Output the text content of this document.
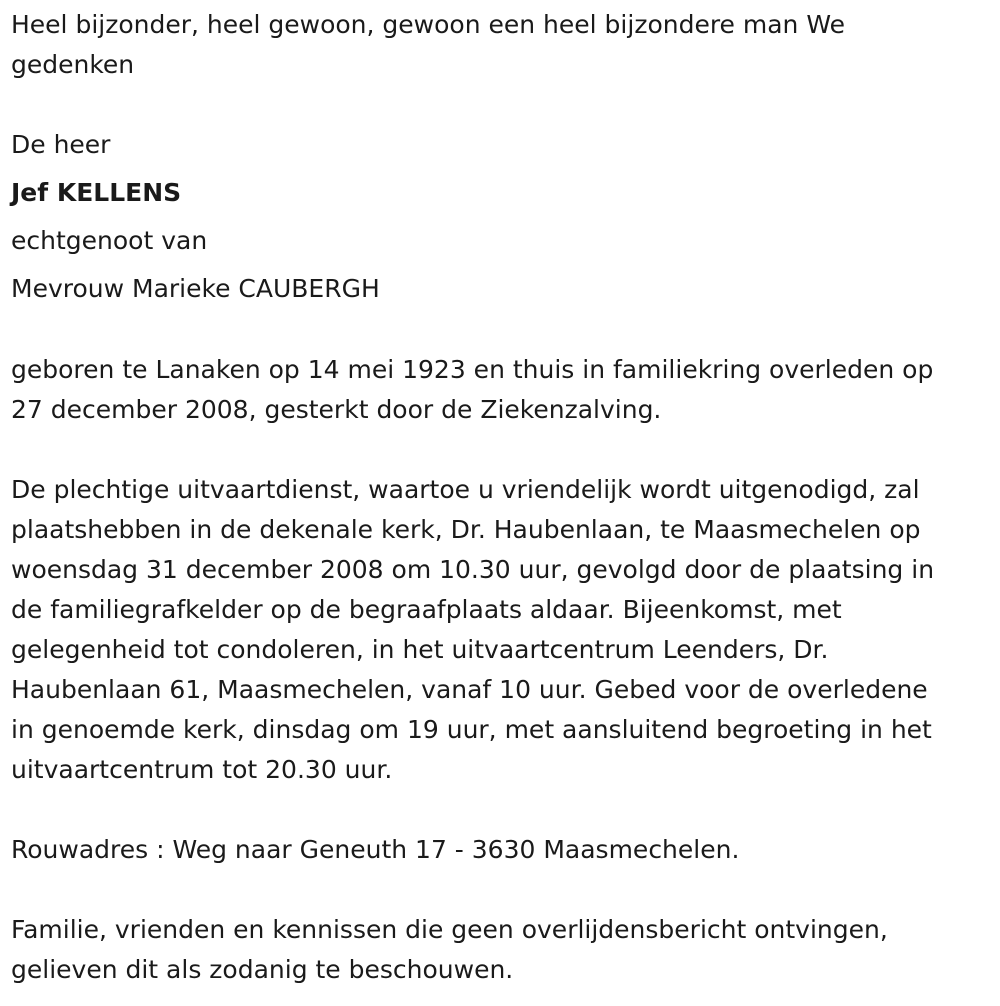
Heel bijzonder, heel gewoon, gewoon een heel bijzondere man We
gedenken
De heer
Jef KELLENS
echtgenoot van
Mevrouw Marieke CAUBERGH
geboren te Lanaken op 14 mei 1923 en thuis in familiekring overleden op
27 december 2008, gesterkt door de Ziekenzalving.
De plechtige uitvaartdienst, waartoe u vriendelijk wordt uitgenodigd, zal
plaatshebben in de dekenale kerk, Dr. Haubenlaan, te Maasmechelen op
woensdag 31 december 2008 om 10.30 uur, gevolgd door de plaatsing in
de familiegrafkelder op de begraafplaats aldaar. Bijeenkomst, met
gelegenheid tot condoleren, in het uitvaartcentrum Leenders, Dr.
Haubenlaan 61, Maasmechelen, vanaf 10 uur. Gebed voor de overledene
in genoemde kerk, dinsdag om 19 uur, met aansluitend begroeting in het
uitvaartcentrum tot 20.30 uur.
Rouwadres : Weg naar Geneuth 17 - 3630 Maasmechelen.
Familie, vrienden en kennissen die geen overlijdensbericht ontvingen,
gelieven dit als zodanig te beschouwen.
